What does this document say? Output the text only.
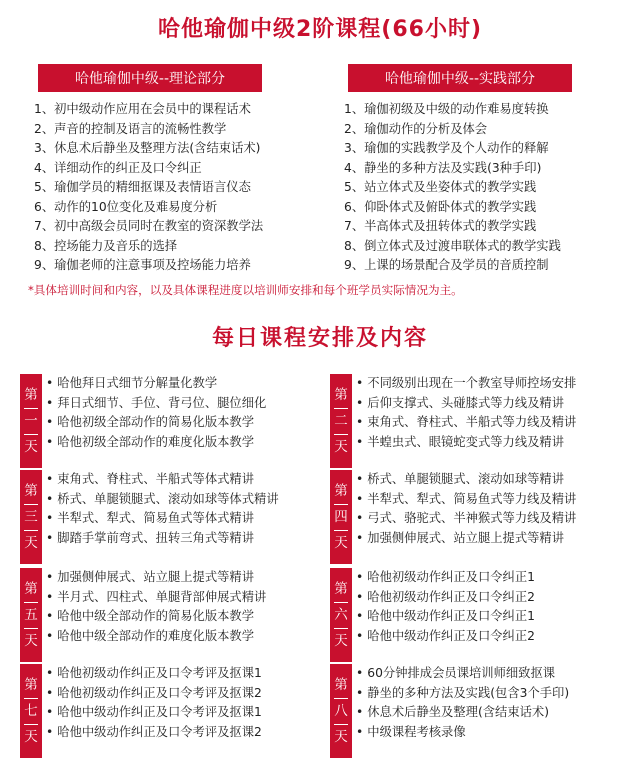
哈他瑜伽中级2阶课程(66小时)
哈他瑜伽中级--理论部分
1、初中级动作应用在会员中的课程话术
2、声音的控制及语言的流畅性教学
3、休息术后静坐及整理方法(含结束话术)
4、详细动作的纠正及口令纠正
5、瑜伽学员的精细抠课及表情语言仪态
6、动作的10位变化及难易度分析
7、初中高级会员同时在教室的资深教学法
8、控场能力及音乐的选择
9、瑜伽老师的注意事项及控场能力培养
哈他瑜伽中级--实践部分
1、瑜伽初级及中级的动作难易度转换
2、瑜伽动作的分析及体会
3、瑜伽的实践教学及个人动作的释解
4、静坐的多种方法及实践(3种手印)
5、站立体式及坐姿体式的教学实践
6、仰卧体式及俯卧体式的教学实践
7、半高体式及扭转体式的教学实践
8、倒立体式及过渡串联体式的教学实践
9、上课的场景配合及学员的音质控制
*具体培训时间和内容，以及具体课程进度以培训师安排和每个班学员实际情况为主。
每日课程安排及内容
第
一
天
• 哈他拜日式细节分解量化教学
• 拜日式细节、手位、背弓位、腿位细化
• 哈他初级全部动作的简易化版本教学
• 哈他初级全部动作的难度化版本教学
第
二
天
• 不同级别出现在一个教室导师控场安排
• 后仰支撑式、头碰膝式等力线及精讲
• 束角式、脊柱式、半船式等力线及精讲
• 半蝗虫式、眼镜蛇变式等力线及精讲
第
三
天
• 束角式、脊柱式、半船式等体式精讲
• 桥式、单腿锁腿式、滚动如球等体式精讲
• 半犁式、犁式、简易鱼式等体式精讲
• 脚踏手掌前弯式、扭转三角式等精讲
第
四
天
• 桥式、单腿锁腿式、滚动如球等精讲
• 半犁式、犁式、简易鱼式等力线及精讲
• 弓式、骆驼式、半神猴式等力线及精讲
• 加强侧伸展式、站立腿上提式等精讲
第
五
天
• 加强侧伸展式、站立腿上提式等精讲
• 半月式、四柱式、单腿背部伸展式精讲
• 哈他中级全部动作的简易化版本教学
• 哈他中级全部动作的难度化版本教学
第
六
天
• 哈他初级动作纠正及口令纠正1
• 哈他初级动作纠正及口令纠正2
• 哈他中级动作纠正及口令纠正1
• 哈他中级动作纠正及口令纠正2
第
七
天
• 哈他初级动作纠正及口令考评及抠课1
• 哈他初级动作纠正及口令考评及抠课2
• 哈他中级动作纠正及口令考评及抠课1
• 哈他中级动作纠正及口令考评及抠课2
第
八
天
• 60分钟排成会员课培训师细致抠课
• 静坐的多种方法及实践(包含3个手印)
• 休息术后静坐及整理(含结束话术)
• 中级课程考核录像
